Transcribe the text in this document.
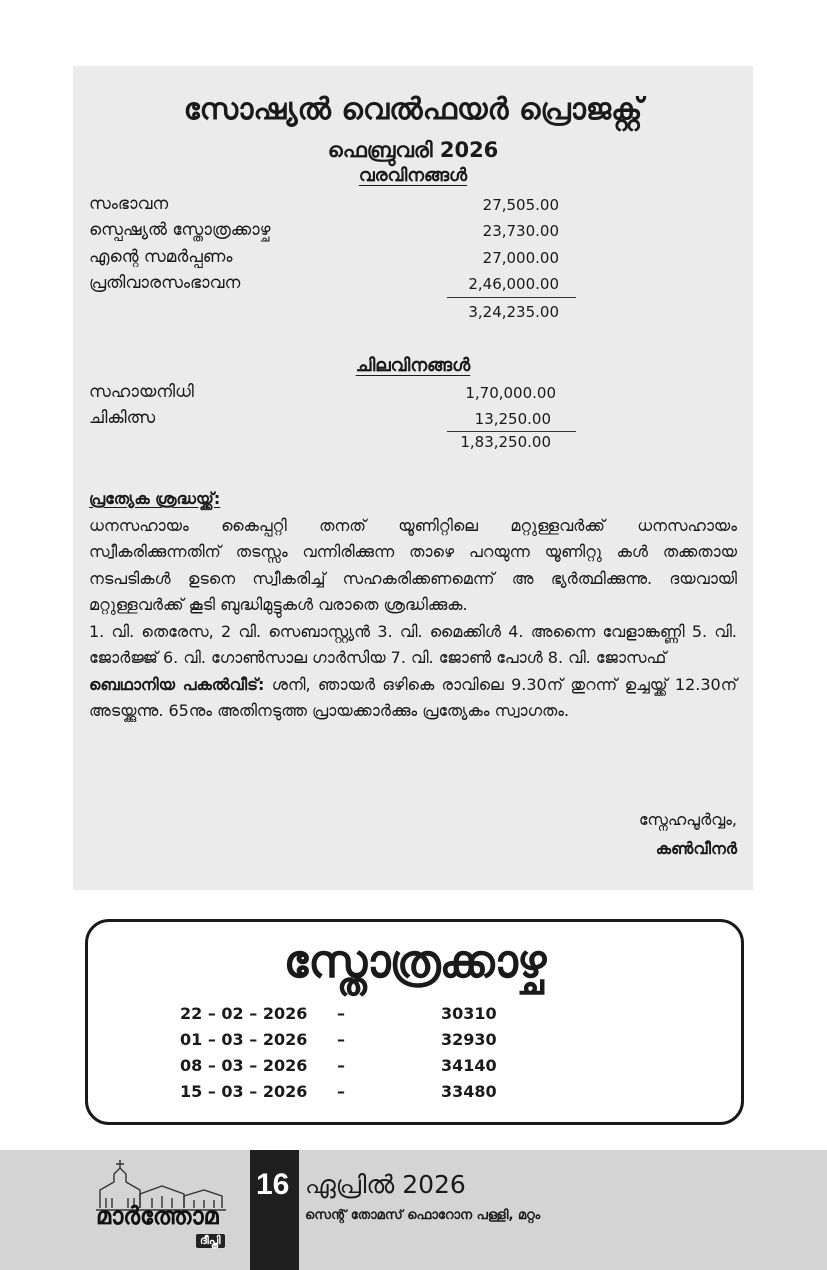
സോഷ്യൽ വെൽഫയർ പ്രൊജക്റ്റ്
ഫെബ്രുവരി 2026
വരവിനങ്ങൾ
സംഭാവന	27,505.00
സ്പെഷ്യൽ സ്തോത്രക്കാഴ്ച	23,730.00
എന്റെ സമർപ്പണം	27,000.00
പ്രതിവാരസംഭാവന	2,46,000.00
3,24,235.00
ചിലവിനങ്ങൾ
സഹായനിധി	1,70,000.00
ചികിത്സ	13,250.00
1,83,250.00
പ്രത്യേക ശ്രദ്ധയ്ക്ക്:
ധനസഹായം കൈപ്പറ്റി തനത് യൂണിറ്റിലെ മറ്റുള്ളവർക്ക് ധനസഹായം സ്വീകരിക്കുന്നതിന് തടസ്സം വന്നിരിക്കുന്ന താഴെ പറയുന്ന യൂണിറ്റു കൾ തക്കതായ നടപടികൾ ഉടനെ സ്വീകരിച്ച് സഹകരിക്കണമെന്ന് അ ഭ്യർത്ഥിക്കുന്നു. ദയവായി മറ്റുള്ളവർക്ക് കൂടി ബുദ്ധിമുട്ടുകൾ വരാതെ ശ്രദ്ധിക്കുക.
1. വി. തെരേസ, 2 വി. സെബാസ്റ്റ്യൻ 3. വി. മൈക്കിൾ 4. അന്നൈ വേളാങ്കണ്ണി 5. വി. ജോർജ്ജ് 6. വി. ഗോൺസാല ഗാർസിയ 7. വി. ജോൺ പോൾ 8. വി. ജോസഫ്
ബെഥാനിയ പകൽവീട്: ശനി, ഞായർ ഒഴികെ രാവിലെ 9.30ന് തുറന്ന് ഉച്ചയ്ക്ക് 12.30ന് അടയ്ക്കുന്നു. 65നും അതിനടുത്ത പ്രായക്കാർക്കും പ്രത്യേകം സ്വാഗതം.
സ്നേഹപൂർവ്വം,
കൺവീനർ
സ്തോത്രക്കാഴ്ച
22 – 02 – 2026 –	30310
01 – 03 – 2026 –	32930
08 – 03 – 2026 –	34140
15 – 03 – 2026 –	33480
മാർത്തോമ
ദീപ്തി
16 ഏപ്രിൽ 2026
സെന്റ് തോമസ് ഫൊറോന പള്ളി, മറ്റം
